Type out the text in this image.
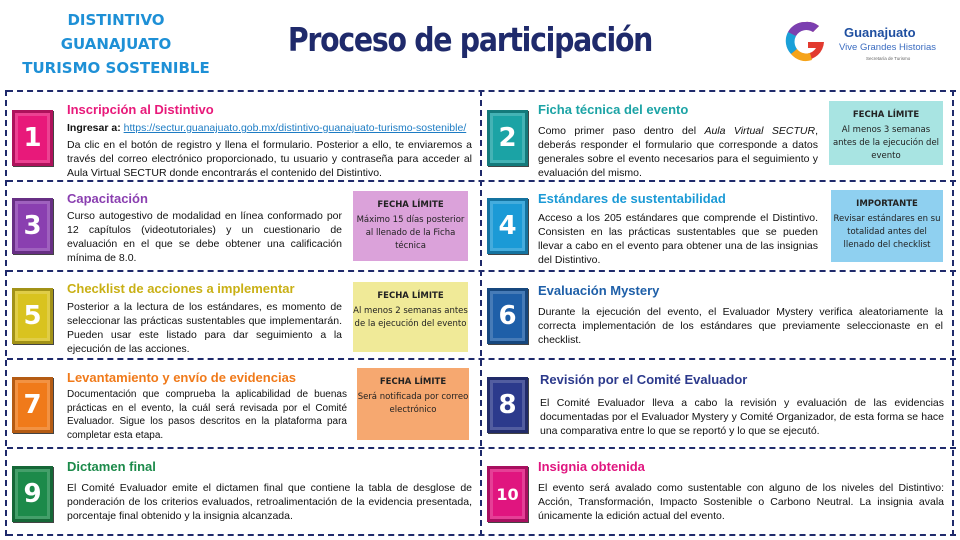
DISTINTIVO
GUANAJUATO
TURISMO SOSTENIBLE
Proceso de participación	Guanajuato
Vive Grandes Historias
Secretaría de Turismo
1
Inscripción al Distintivo
Ingresar a: https://sectur.guanajuato.gob.mx/distintivo-guanajuato-turismo-sostenible/
Da clic en el botón de registro y llena el formulario. Posterior a ello, te enviaremos a través del correo electrónico proporcionado, tu usuario y contraseña para acceder al Aula Virtual SECTUR donde encontrarás el contenido del Distintivo.
2
Ficha técnica del evento
Como primer paso dentro del Aula Virtual SECTUR, deberás responder el formulario que corresponde a datos generales sobre el evento necesarios para el seguimiento y evaluación del mismo.
FECHA LÍMITE
Al menos 3 semanas antes de la ejecución del evento
3
Capacitación
Curso autogestivo de modalidad en línea conformado por 12 capítulos (videotutoriales) y un cuestionario de evaluación en el que se debe obtener una calificación mínima de 8.0.
FECHA LÍMITE
Máximo 15 días posterior al llenado de la Ficha técnica
4
Estándares de sustentabilidad
Acceso a los 205 estándares que comprende el Distintivo. Consisten en las prácticas sustentables que se pueden llevar a cabo en el evento para obtener una de las insignias del Distintivo.
IMPORTANTE
Revisar estándares en su totalidad antes del llenado del checklist
5
Checklist de acciones a implementar
Posterior a la lectura de los estándares, es momento de seleccionar las prácticas sustentables que implementarán. Pueden usar este listado para dar seguimiento a la ejecución de las acciones.
FECHA LÍMITE
Al menos 2 semanas antes de la ejecución del evento	6
Evaluación Mystery
Durante la ejecución del evento, el Evaluador Mystery verifica aleatoriamente la correcta implementación de los estándares que previamente seleccionaste en el checklist.
7
Levantamiento y envío de evidencias
Documentación que comprueba la aplicabilidad de buenas prácticas en el evento, la cuál será revisada por el Comité Evaluador. Sigue los pasos descritos en la plataforma para completar esta etapa.
FECHA LÍMITE
Será notificada por correo electrónico	8
Revisión por el Comité Evaluador
El Comité Evaluador lleva a cabo la revisión y evaluación de las evidencias documentadas por el Evaluador Mystery y Comité Organizador, de esta forma se hace una comparativa entre lo que se reportó y lo que se ejecutó.
9
Dictamen final
El Comité Evaluador emite el dictamen final que contiene la tabla de desglose de ponderación de los criterios evaluados, retroalimentación de la evidencia presentada, porcentaje final obtenido y la insignia alcanzada.
10
Insignia obtenida
El evento será avalado como sustentable con alguno de los niveles del Distintivo: Acción, Transformación, Impacto Sostenible o Carbono Neutral. La insignia avala únicamente la edición actual del evento.
